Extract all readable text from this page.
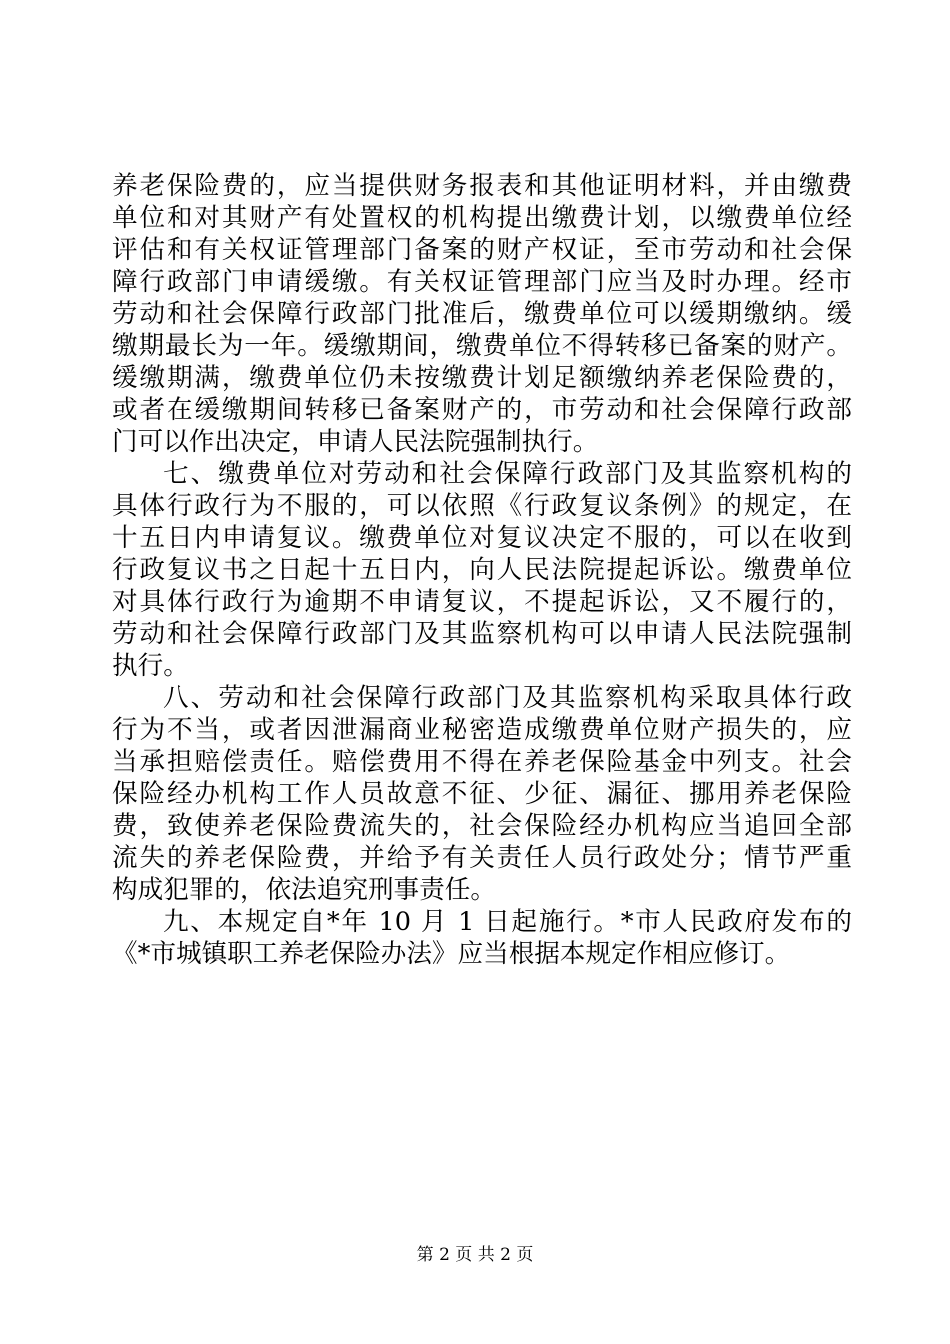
养老保险费的，应当提供财务报表和其他证明材料，并由缴费
单位和对其财产有处置权的机构提出缴费计划，以缴费单位经
评估和有关权证管理部门备案的财产权证，至市劳动和社会保
障行政部门申请缓缴。有关权证管理部门应当及时办理。经市
劳动和社会保障行政部门批准后，缴费单位可以缓期缴纳。缓
缴期最长为一年。缓缴期间，缴费单位不得转移已备案的财产。
缓缴期满，缴费单位仍未按缴费计划足额缴纳养老保险费的，
或者在缓缴期间转移已备案财产的，市劳动和社会保障行政部
门可以作出决定，申请人民法院强制执行。
七、缴费单位对劳动和社会保障行政部门及其监察机构的
具体行政行为不服的，可以依照《行政复议条例》的规定，在
十五日内申请复议。缴费单位对复议决定不服的，可以在收到
行政复议书之日起十五日内，向人民法院提起诉讼。缴费单位
对具体行政行为逾期不申请复议，不提起诉讼，又不履行的，
劳动和社会保障行政部门及其监察机构可以申请人民法院强制
执行。
八、劳动和社会保障行政部门及其监察机构采取具体行政
行为不当，或者因泄漏商业秘密造成缴费单位财产损失的，应
当承担赔偿责任。赔偿费用不得在养老保险基金中列支。社会
保险经办机构工作人员故意不征、少征、漏征、挪用养老保险
费，致使养老保险费流失的，社会保险经办机构应当追回全部
流失的养老保险费，并给予有关责任人员行政处分；情节严重
构成犯罪的，依法追究刑事责任。
九、本规定自*年 10 月 1 日起施行。*市人民政府发布的
《*市城镇职工养老保险办法》应当根据本规定作相应修订。
第 2 页 共 2 页
